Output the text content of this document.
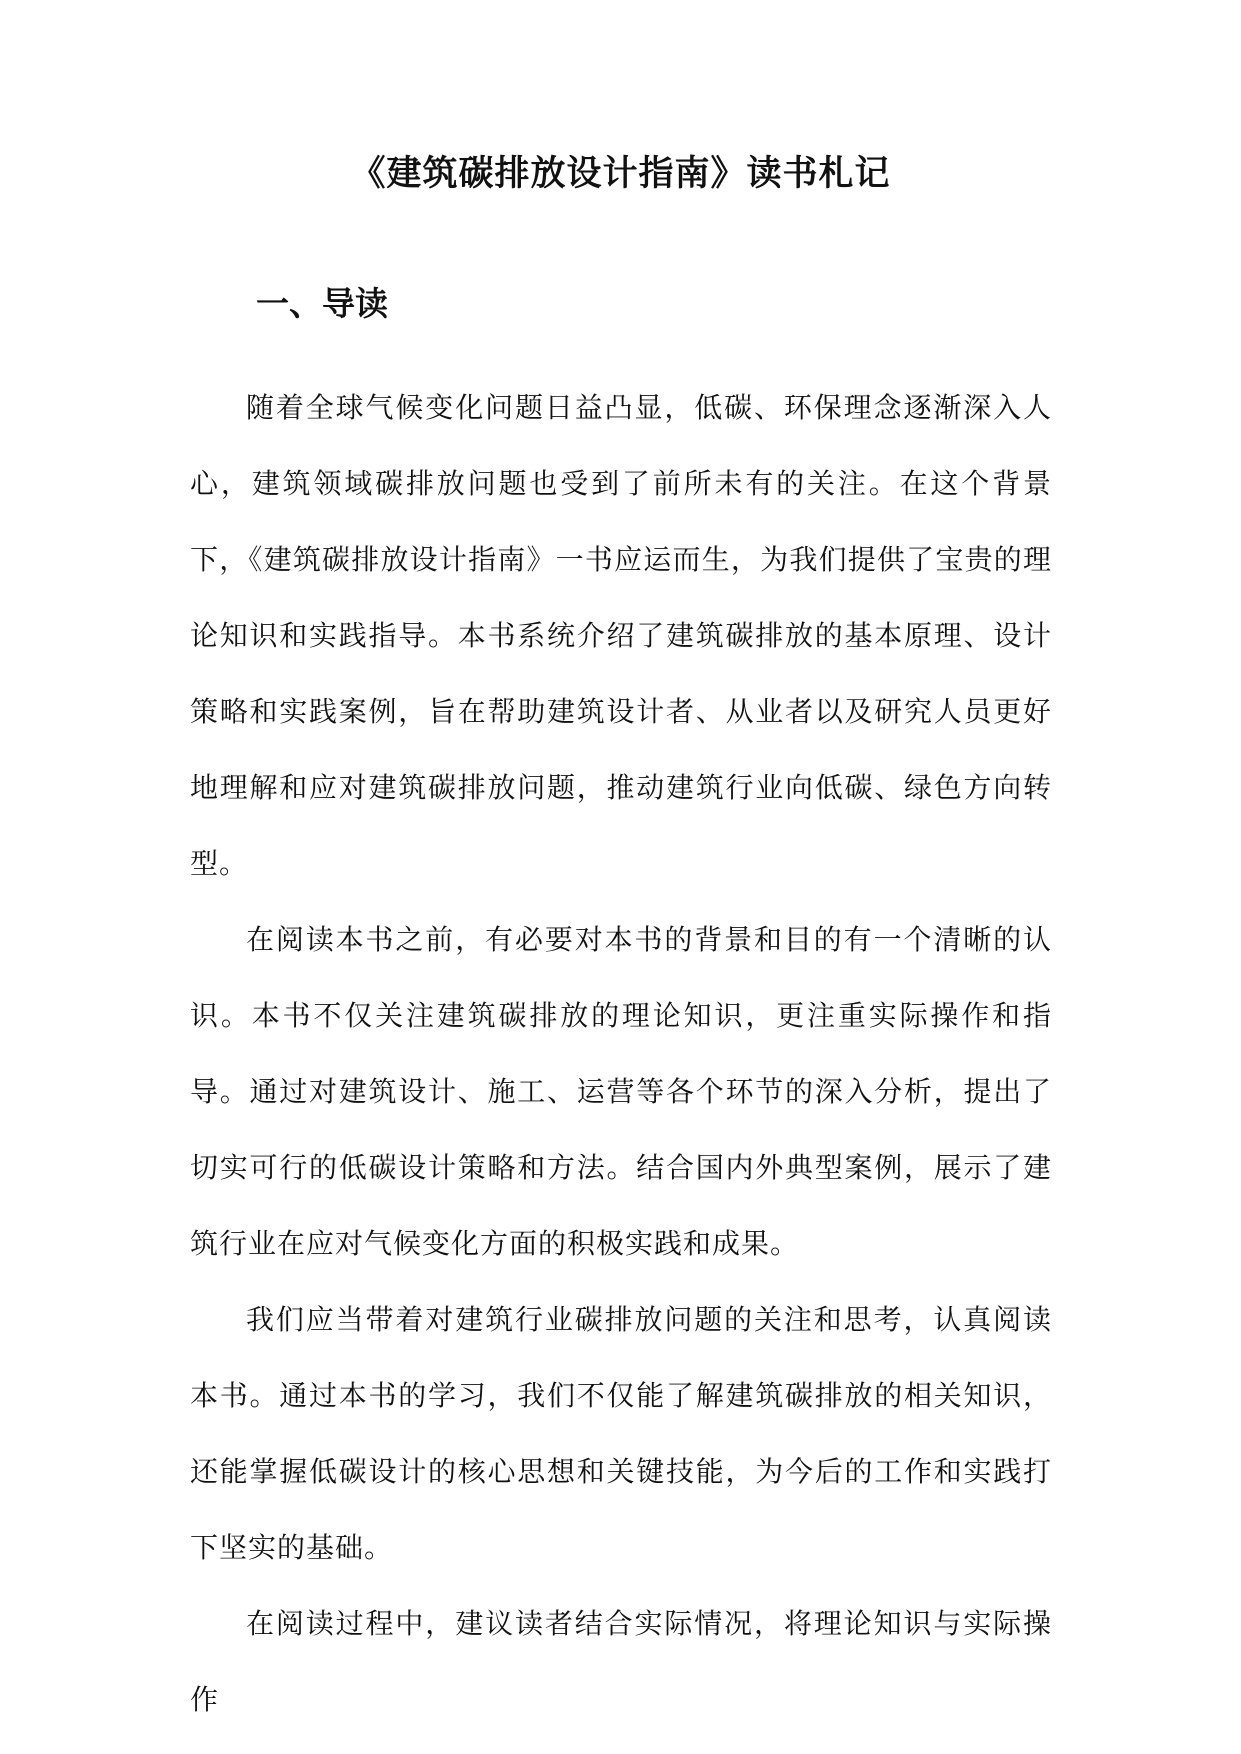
《建筑碳排放设计指南》读书札记
一、导读

随着全球气候变化问题日益凸显，低碳、环保理念逐渐深入人心，建筑领域碳排放问题也受到了前所未有的关注。在这个背景下，《建筑碳排放设计指南》一书应运而生，为我们提供了宝贵的理论知识和实践指导。本书系统介绍了建筑碳排放的基本原理、设计策略和实践案例，旨在帮助建筑设计者、从业者以及研究人员更好地理解和应对建筑碳排放问题，推动建筑行业向低碳、绿色方向转型。

在阅读本书之前，有必要对本书的背景和目的有一个清晰的认识。本书不仅关注建筑碳排放的理论知识，更注重实际操作和指导。通过对建筑设计、施工、运营等各个环节的深入分析，提出了切实可行的低碳设计策略和方法。结合国内外典型案例，展示了建筑行业在应对气候变化方面的积极实践和成果。

我们应当带着对建筑行业碳排放问题的关注和思考，认真阅读本书。通过本书的学习，我们不仅能了解建筑碳排放的相关知识，还能掌握低碳设计的核心思想和关键技能，为今后的工作和实践打下坚实的基础。

在阅读过程中，建议读者结合实际情况，将理论知识与实际操作
